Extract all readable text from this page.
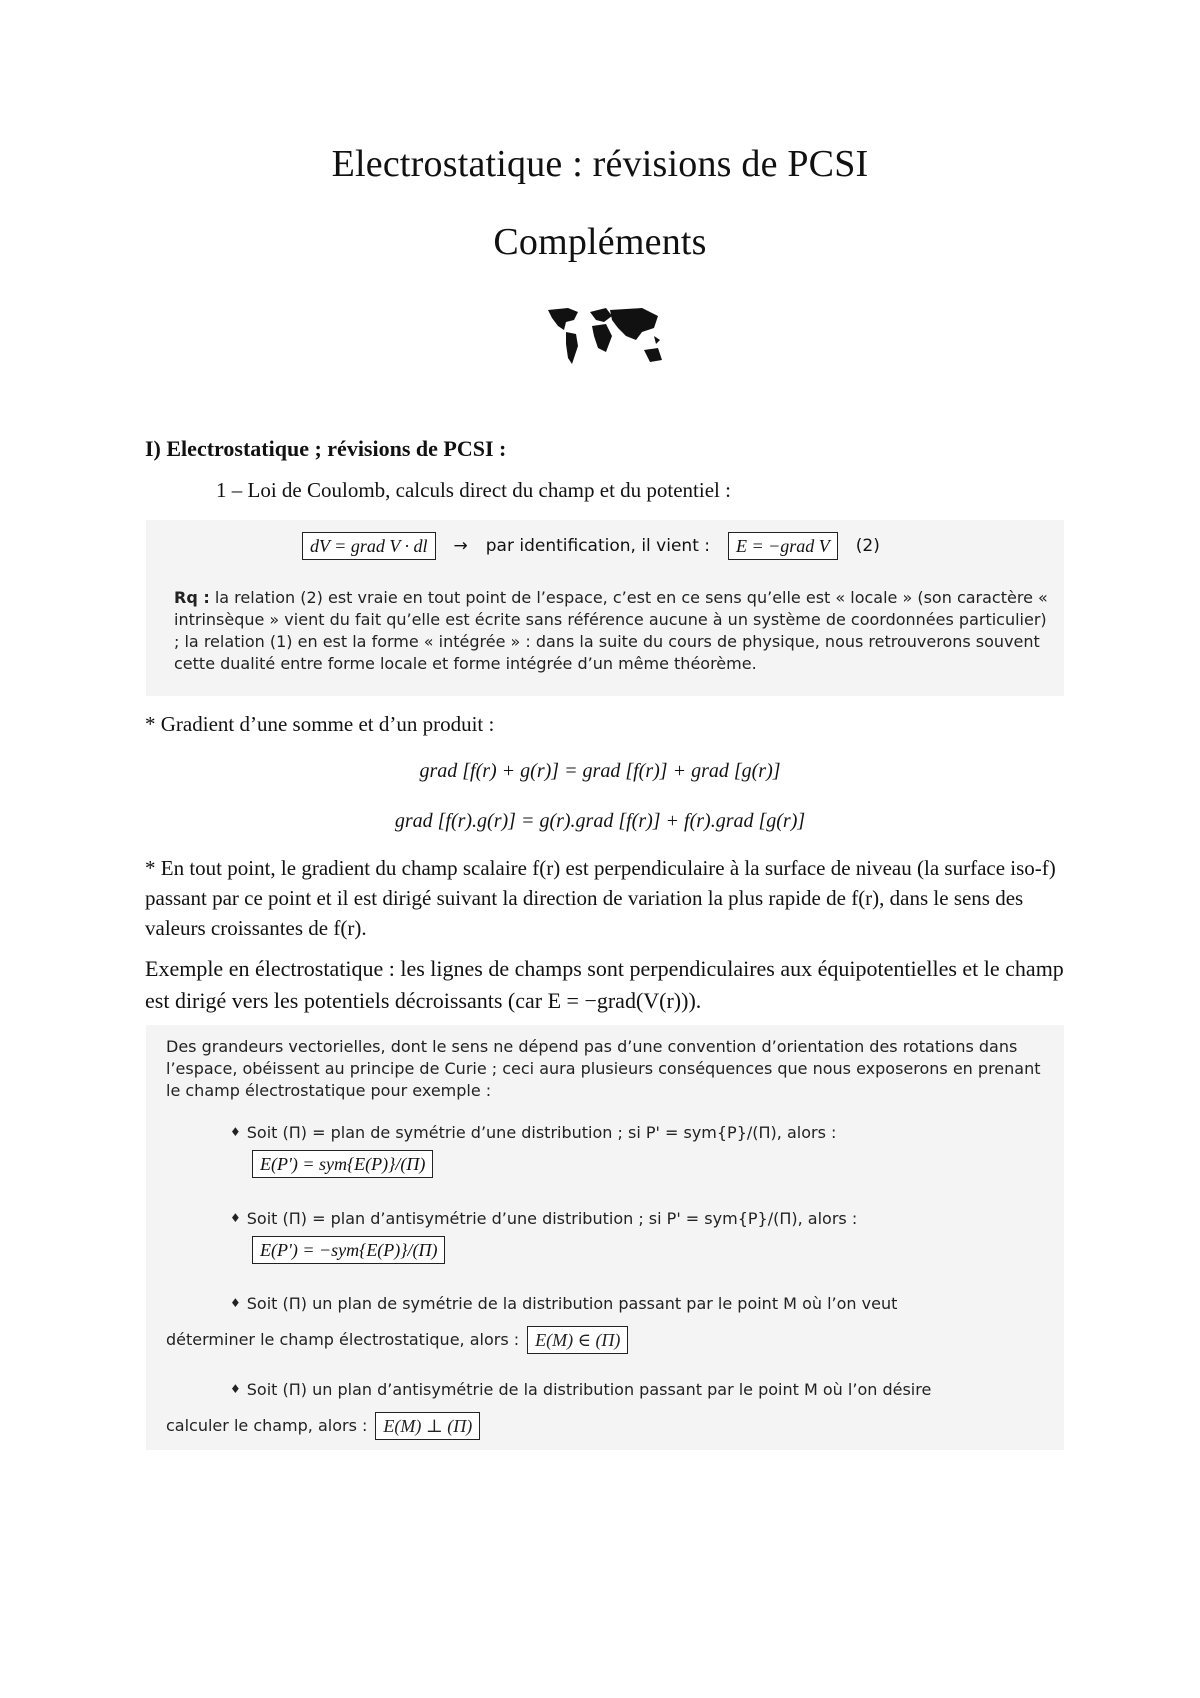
Electrostatique : révisions de PCSI
Compléments
I) Electrostatique ; révisions de PCSI :
1 – Loi de Coulomb, calculs direct du champ et du potentiel :
dV = grad V · dl	→ par identification, il vient :	E = −grad V	(2)
Rq : la relation (2) est vraie en tout point de l’espace, c’est en ce sens qu’elle est « locale » (son caractère « intrinsèque » vient du fait qu’elle est écrite sans référence aucune à un système de coordonnées particulier) ; la relation (1) en est la forme « intégrée » : dans la suite du cours de physique, nous retrouverons souvent cette dualité entre forme locale et forme intégrée d’un même théorème.
* Gradient d’une somme et d’un produit :
grad [f(r) + g(r)] = grad [f(r)] + grad [g(r)]
grad [f(r).g(r)] = g(r).grad [f(r)] + f(r).grad [g(r)]
* En tout point, le gradient du champ scalaire f(r) est perpendiculaire à la surface de niveau (la surface iso-f) passant par ce point et il est dirigé suivant la direction de variation la plus rapide de f(r), dans le sens des valeurs croissantes de f(r).
Exemple en électrostatique : les lignes de champs sont perpendiculaires aux équipotentielles et le champ est dirigé vers les potentiels décroissants (car E = −grad(V(r))).
Des grandeurs vectorielles, dont le sens ne dépend pas d’une convention d’orientation des rotations dans l’espace, obéissent au principe de Curie ; ceci aura plusieurs conséquences que nous exposerons en prenant le champ électrostatique pour exemple :
♦ Soit (Π) = plan de symétrie d’une distribution ; si P' = sym{P}/(Π), alors :
E(P') = sym{E(P)}/(Π)
♦ Soit (Π) = plan d’antisymétrie d’une distribution ; si P' = sym{P}/(Π), alors :
E(P') = −sym{E(P)}/(Π)
♦ Soit (Π) un plan de symétrie de la distribution passant par le point M où l’on veut
déterminer le champ électrostatique, alors : E(M) ∈ (Π)
♦ Soit (Π) un plan d’antisymétrie de la distribution passant par le point M où l’on désire
calculer le champ, alors : E(M) ⊥ (Π)
